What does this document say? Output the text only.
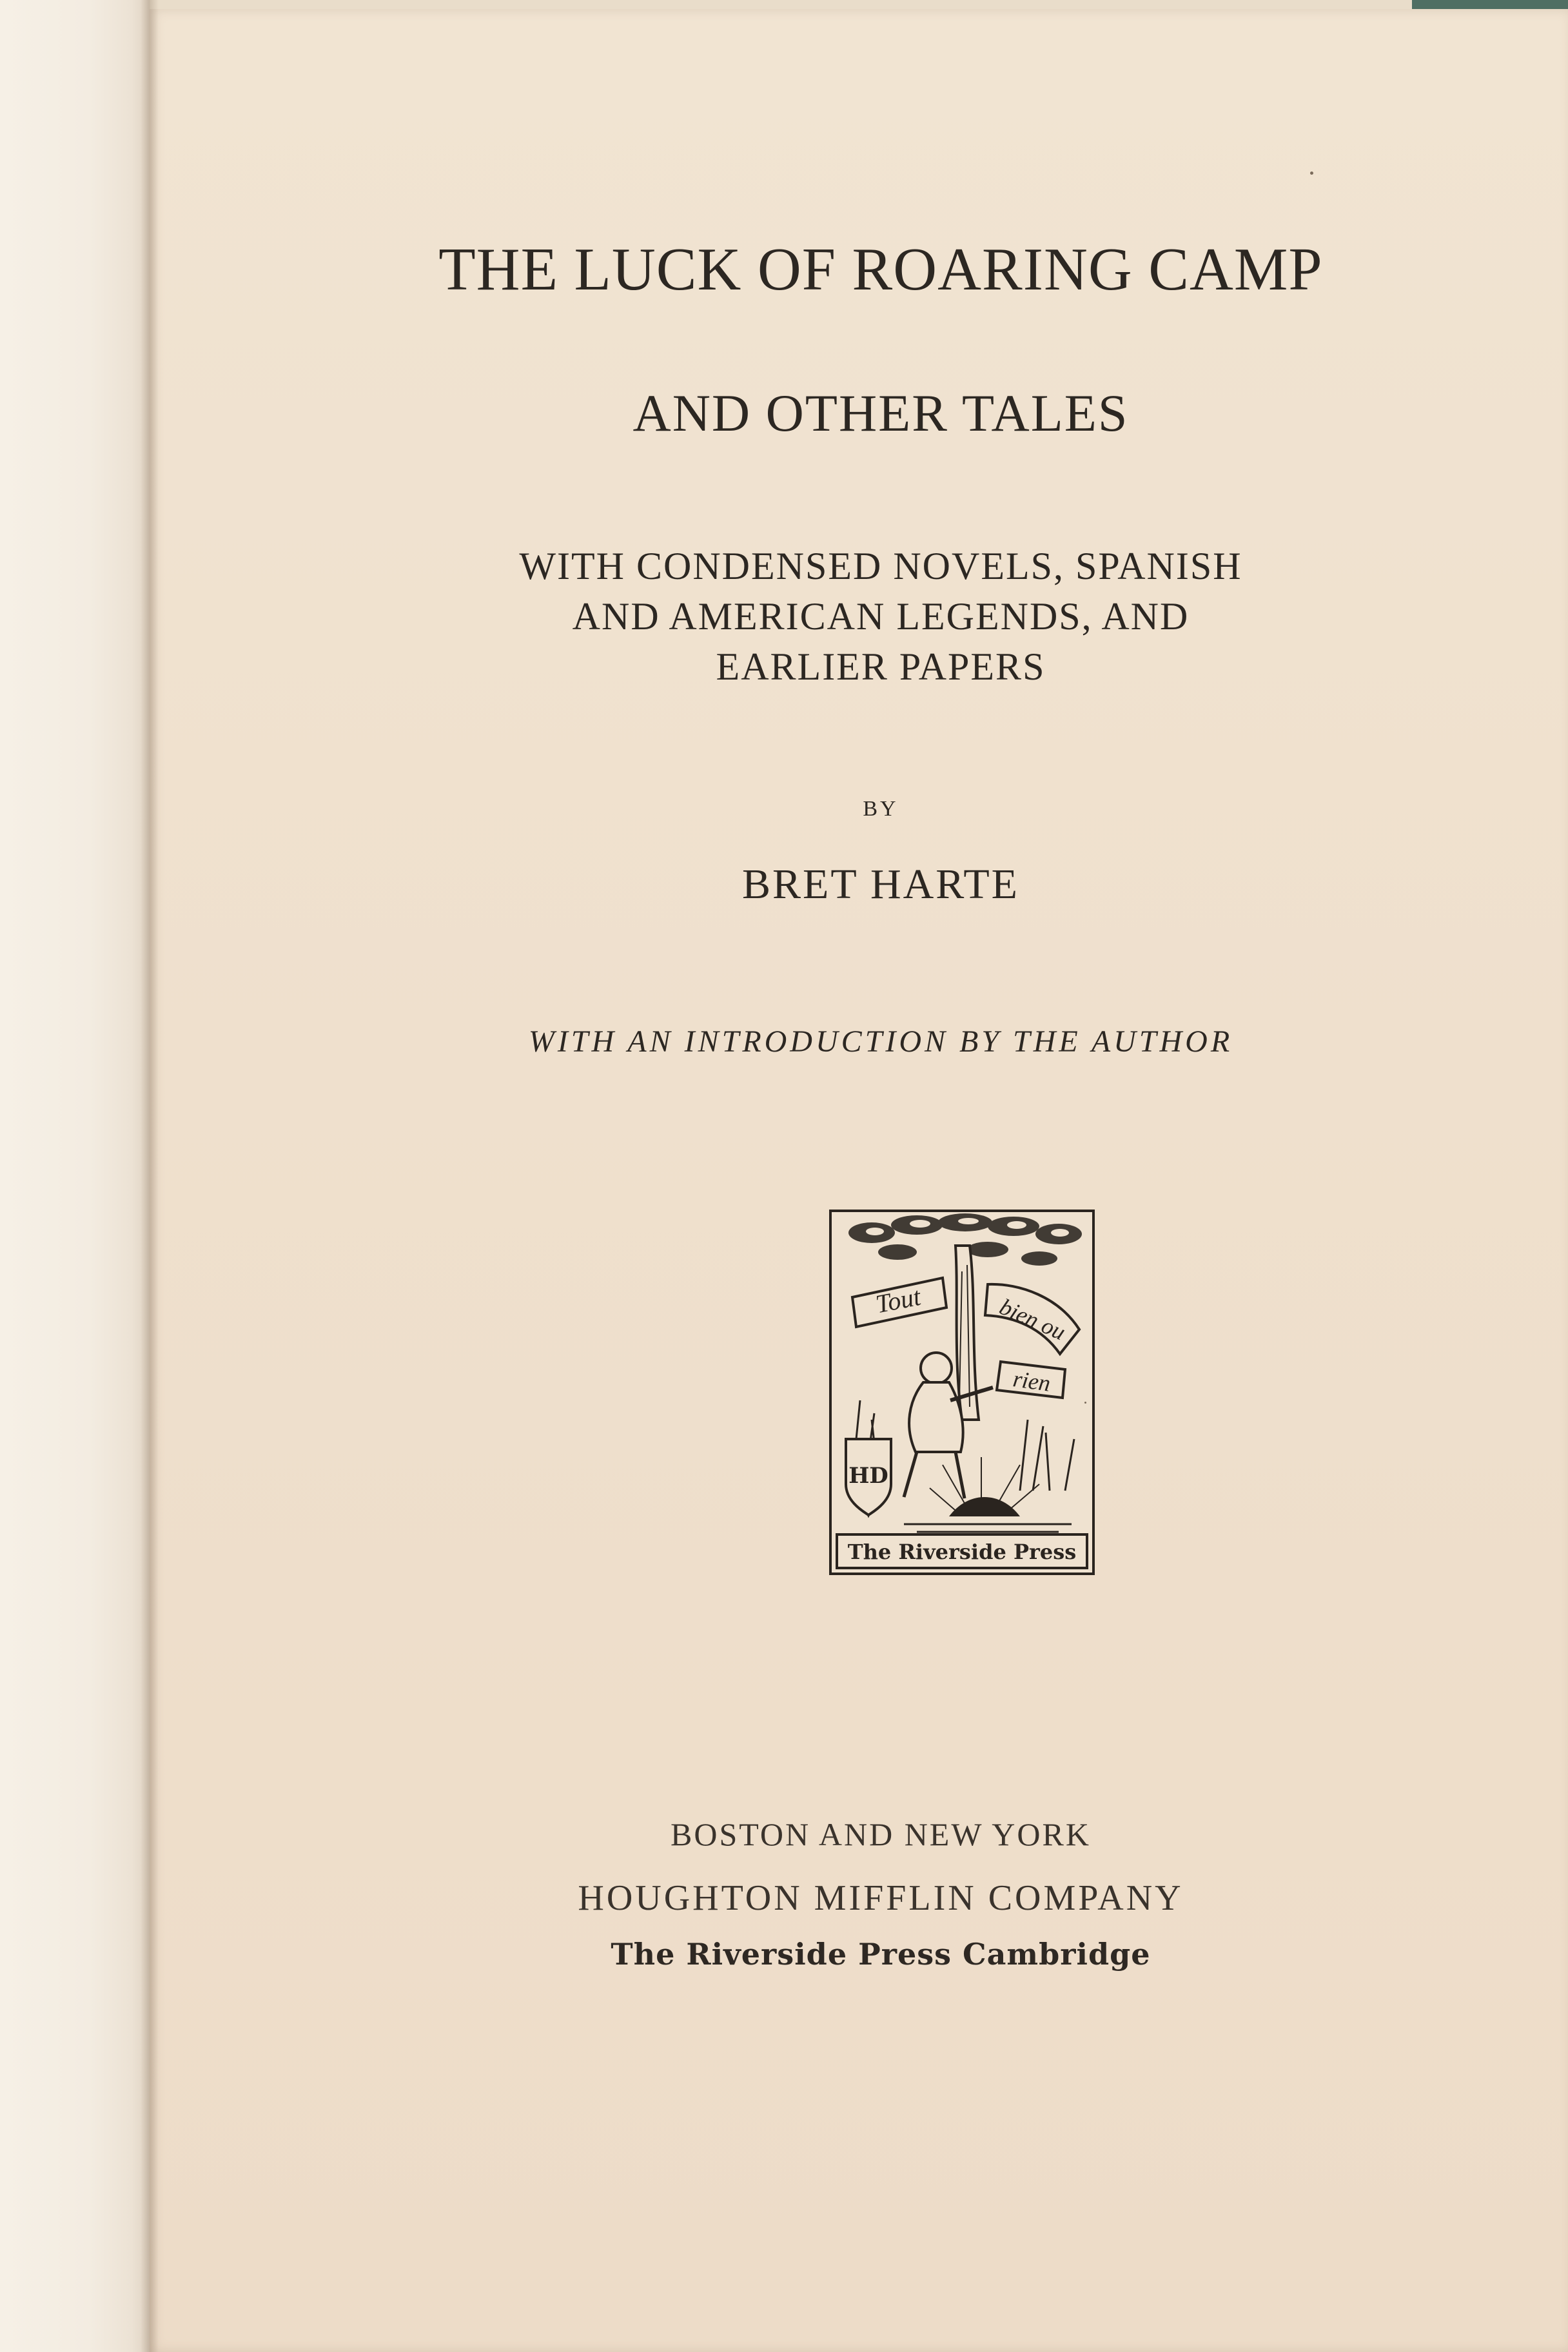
THE LUCK OF ROARING CAMP
AND OTHER TALES
WITH CONDENSED NOVELS, SPANISH
AND AMERICAN LEGENDS, AND
EARLIER PAPERS
BY
BRET HARTE
WITH AN INTRODUCTION BY THE AUTHOR
Tout	bien ou
rien
HD
The Riverside Press
BOSTON AND NEW YORK
HOUGHTON MIFFLIN COMPANY
The Riverside Press Cambridge
